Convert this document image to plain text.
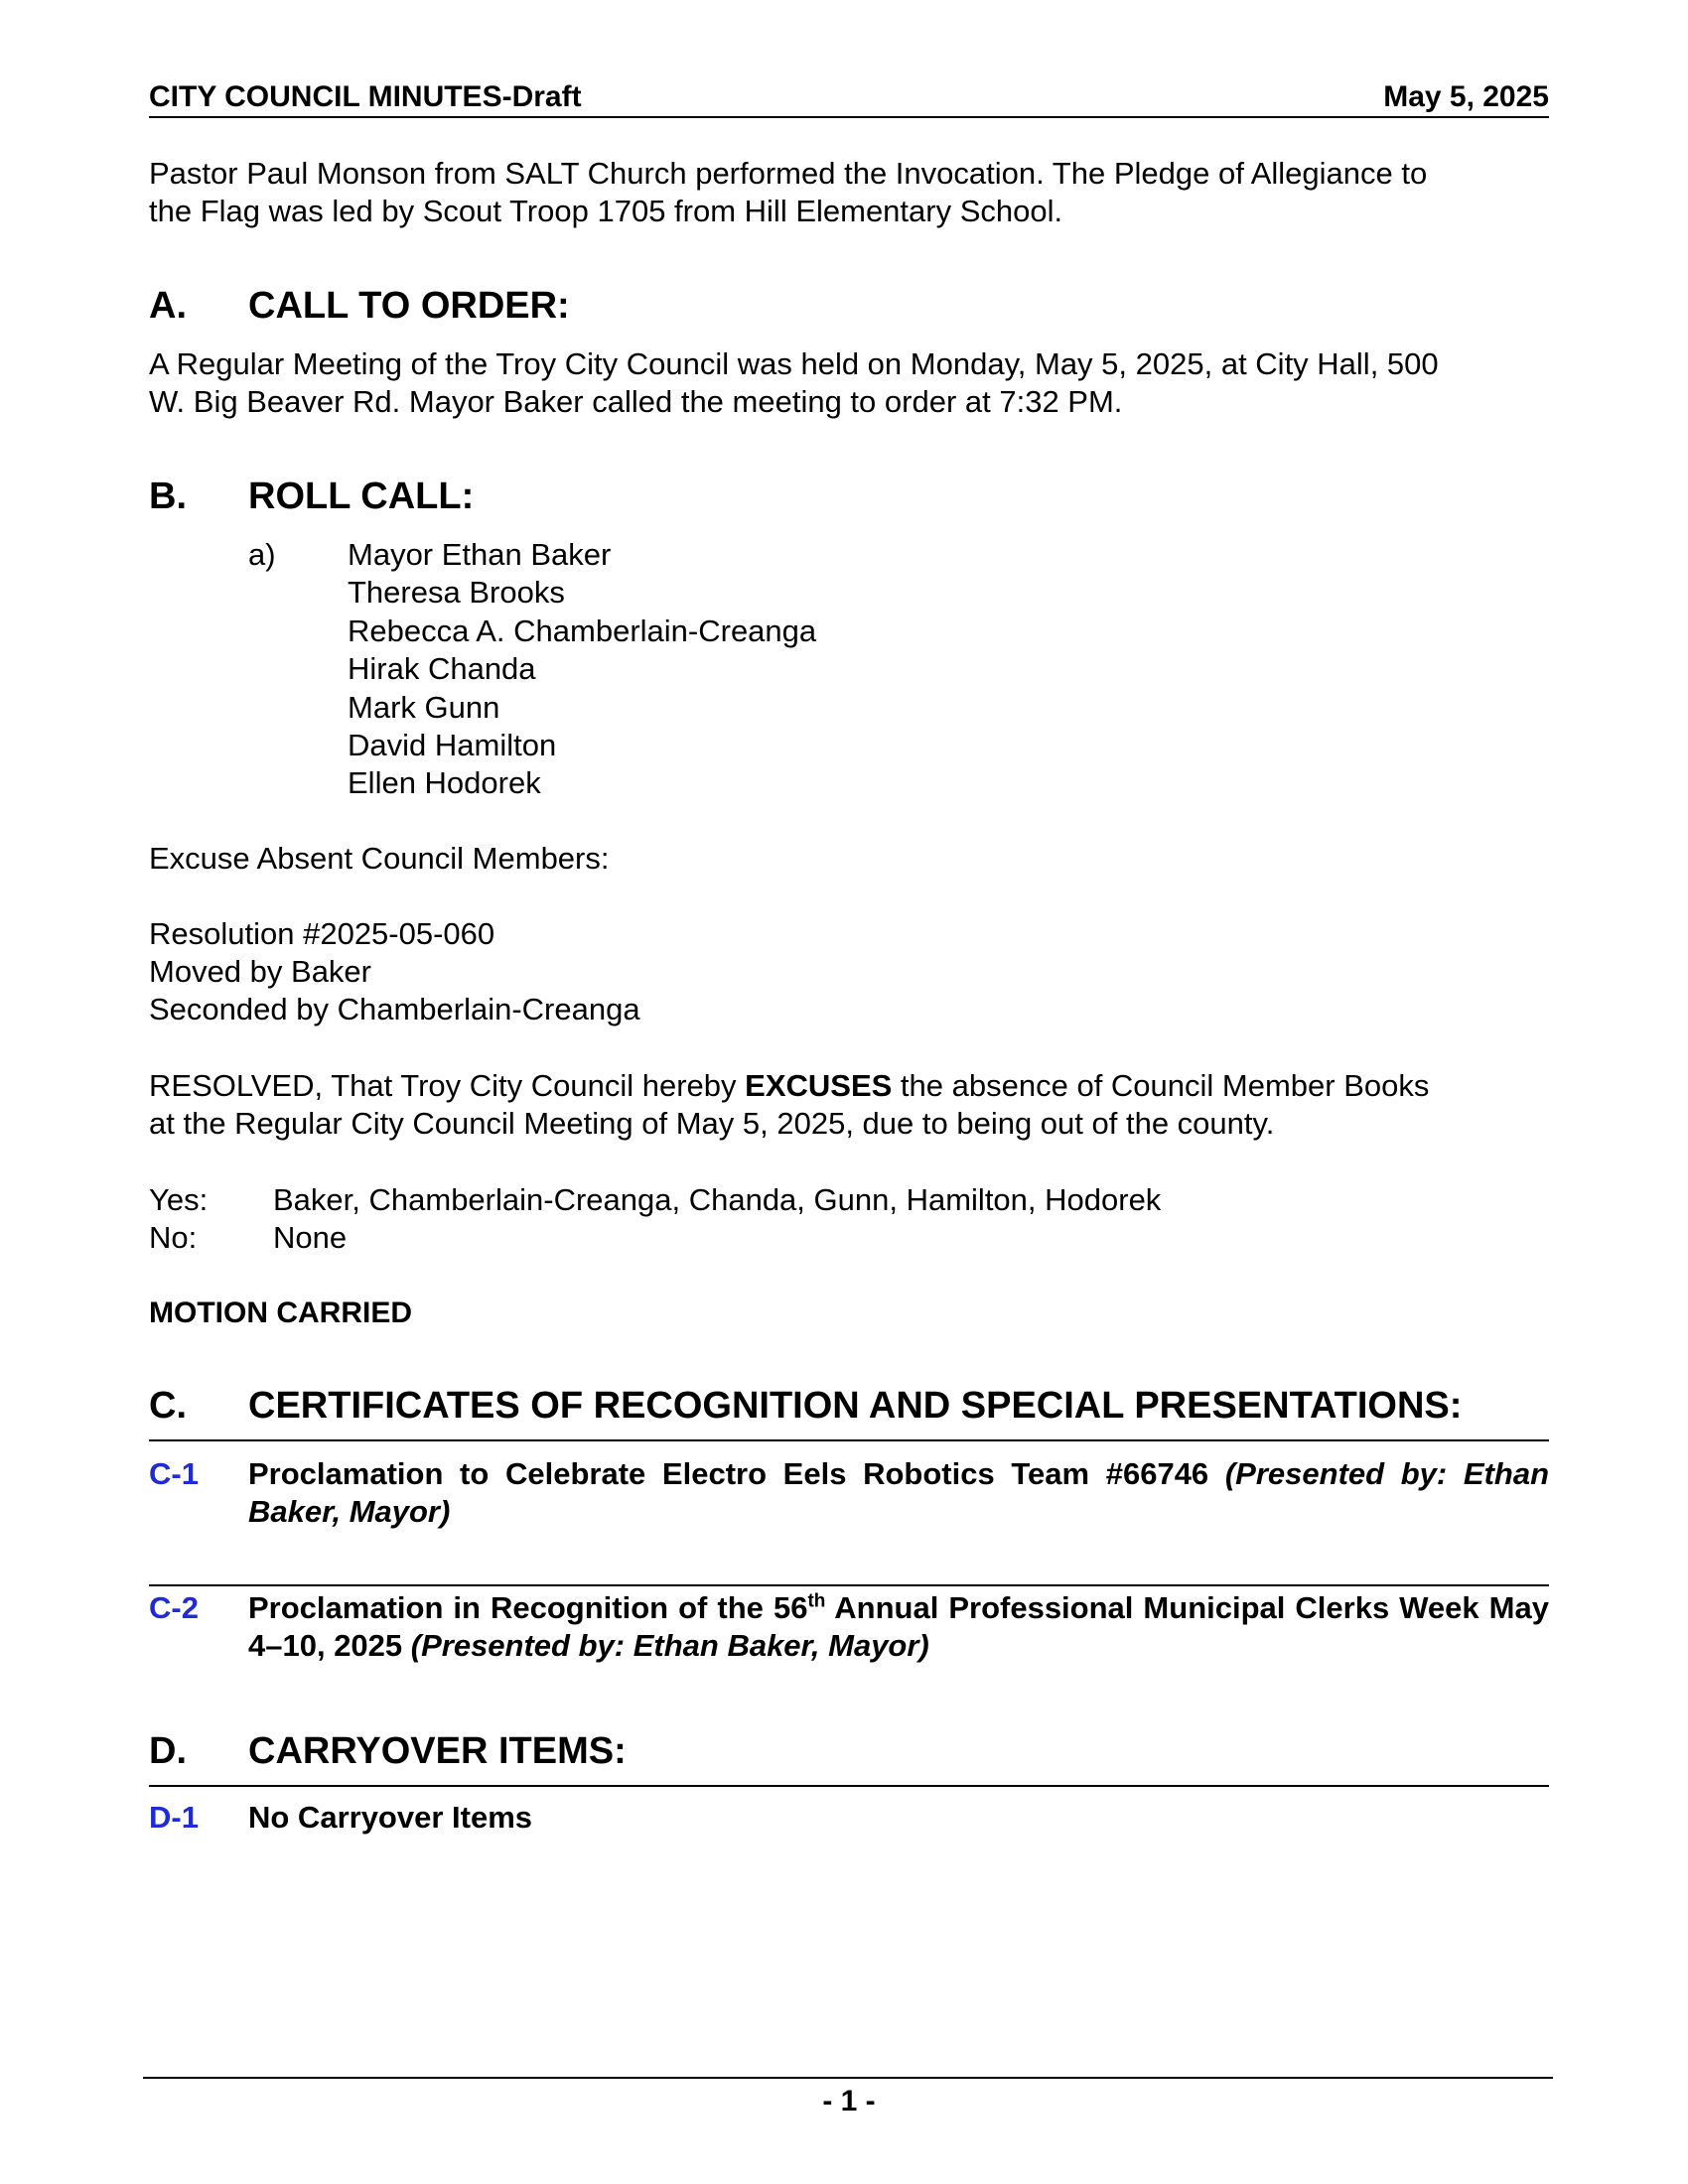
CITY COUNCIL MINUTES-Draft	May 5, 2025

Pastor Paul Monson from SALT Church performed the Invocation. The Pledge of Allegiance to

the Flag was led by Scout Troop 1705 from Hill Elementary School.

A.	CALL TO ORDER:

A Regular Meeting of the Troy City Council was held on Monday, May 5, 2025, at City Hall, 500

W. Big Beaver Rd. Mayor Baker called the meeting to order at 7:32 PM.

B.	ROLL CALL:
a)	Mayor Ethan Baker
Theresa Brooks
Rebecca A. Chamberlain-Creanga
Hirak Chanda
Mark Gunn
David Hamilton
Ellen Hodorek

Excuse Absent Council Members:

Resolution #2025-05-060

Moved by Baker

Seconded by Chamberlain-Creanga

RESOLVED, That Troy City Council hereby EXCUSES the absence of Council Member Books

at the Regular City Council Meeting of May 5, 2025, due to being out of the county.

Yes:	Baker, Chamberlain-Creanga, Chanda, Gunn, Hamilton, Hodorek
No:	None

MOTION CARRIED

C.	CERTIFICATES OF RECOGNITION AND SPECIAL PRESENTATIONS:
C-1	Proclamation to Celebrate Electro Eels Robotics Team #66746 (Presented by: Ethan Baker, Mayor)
C-2	Proclamation in Recognition of the 56th Annual Professional Municipal Clerks Week May 4–10, 2025 (Presented by: Ethan Baker, Mayor)
D.	CARRYOVER ITEMS:
D-1	No Carryover Items
- 1 -
